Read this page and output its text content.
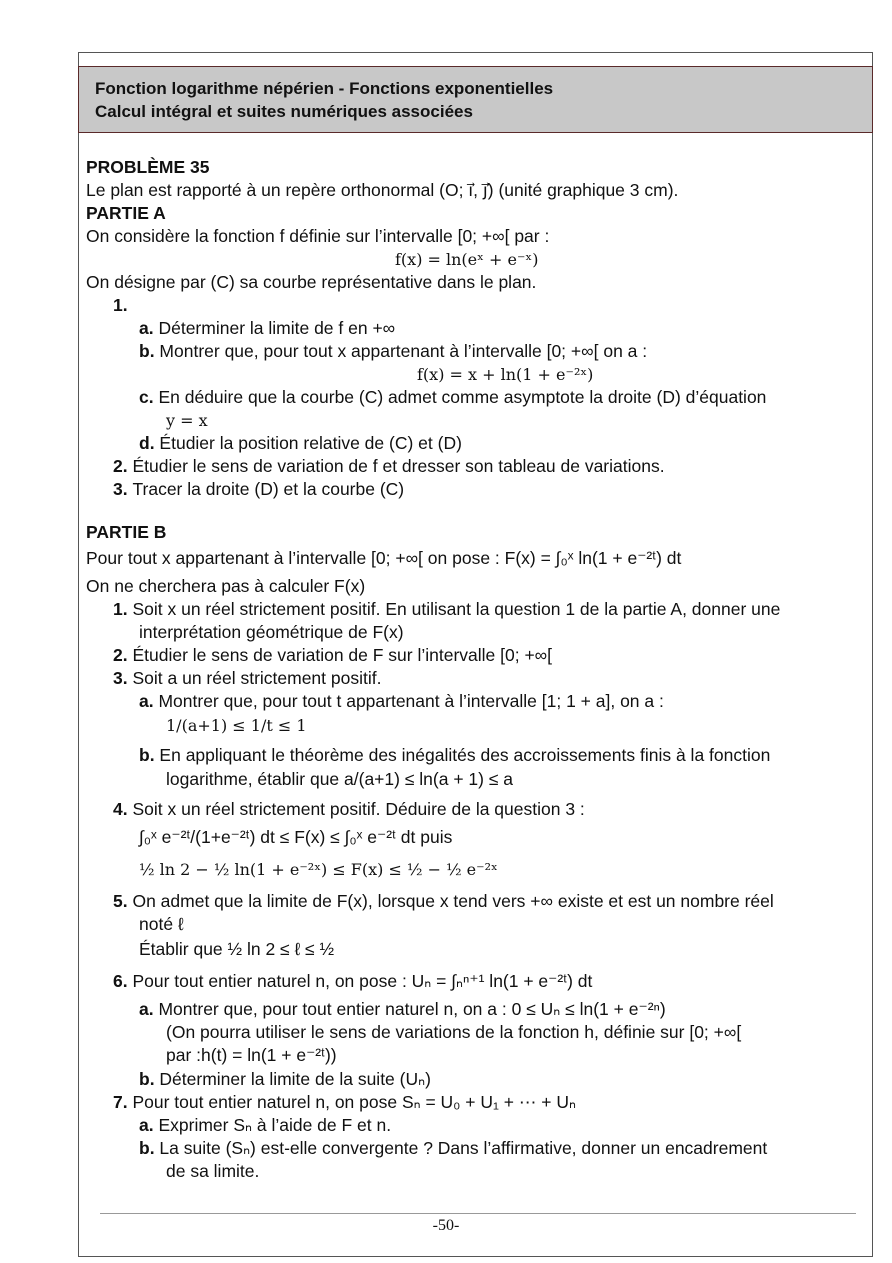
Fonction logarithme népérien - Fonctions exponentielles
Calcul intégral et suites numériques associées
PROBLÈME 35
Le plan est rapporté à un repère orthonormal (O; ı⃗, ȷ⃗) (unité graphique 3 cm).
PARTIE A
On considère la fonction f définie sur l’intervalle [0; +∞[ par :
f(x) = ln(eˣ + e⁻ˣ)
On désigne par (C) sa courbe représentative dans le plan.
1.
a. Déterminer la limite de f en +∞
b. Montrer que, pour tout x appartenant à l’intervalle [0; +∞[ on a :
f(x) = x + ln(1 + e⁻²ˣ)
c. En déduire que la courbe (C) admet comme asymptote la droite (D) d’équation
y = x
d. Étudier la position relative de (C) et (D)
2. Étudier le sens de variation de f et dresser son tableau de variations.
3. Tracer la droite (D) et la courbe (C)
PARTIE B
Pour tout x appartenant à l’intervalle [0; +∞[ on pose : F(x) = ∫₀ˣ ln(1 + e⁻²ᵗ) dt
On ne cherchera pas à calculer F(x)
1. Soit x un réel strictement positif. En utilisant la question 1 de la partie A, donner une
interprétation géométrique de F(x)
2. Étudier le sens de variation de F sur l’intervalle [0; +∞[
3. Soit a un réel strictement positif.
a. Montrer que, pour tout t appartenant à l’intervalle [1; 1 + a], on a :
1/(a+1) ≤ 1/t ≤ 1
b. En appliquant le théorème des inégalités des accroissements finis à la fonction
logarithme, établir que a/(a+1) ≤ ln(a + 1) ≤ a
4. Soit x un réel strictement positif. Déduire de la question 3 :
∫₀ˣ e⁻²ᵗ/(1+e⁻²ᵗ) dt ≤ F(x) ≤ ∫₀ˣ e⁻²ᵗ dt puis
½ ln 2 − ½ ln(1 + e⁻²ˣ) ≤ F(x) ≤ ½ − ½ e⁻²ˣ
5. On admet que la limite de F(x), lorsque x tend vers +∞ existe et est un nombre réel
noté ℓ
Établir que ½ ln 2 ≤ ℓ ≤ ½
6. Pour tout entier naturel n, on pose : Uₙ = ∫ₙⁿ⁺¹ ln(1 + e⁻²ᵗ) dt
a. Montrer que, pour tout entier naturel n, on a : 0 ≤ Uₙ ≤ ln(1 + e⁻²ⁿ)
(On pourra utiliser le sens de variations de la fonction h, définie sur [0; +∞[
par :h(t) = ln(1 + e⁻²ᵗ))
b. Déterminer la limite de la suite (Uₙ)
7. Pour tout entier naturel n, on pose Sₙ = U₀ + U₁ + ⋯ + Uₙ
a. Exprimer Sₙ à l’aide de F et n.
b. La suite (Sₙ) est-elle convergente ? Dans l’affirmative, donner un encadrement
de sa limite.
-50-
